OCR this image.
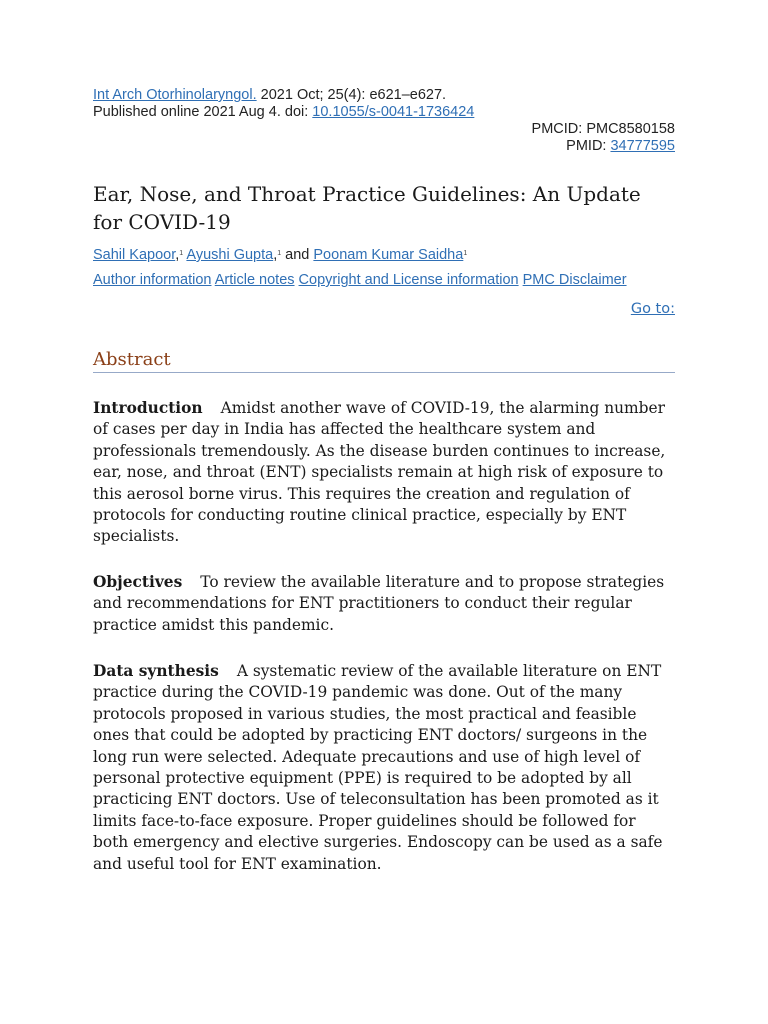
Int Arch Otorhinolaryngol. 2021 Oct; 25(4): e621–e627.
Published online 2021 Aug 4. doi: 10.1055/s-0041-1736424
PMCID: PMC8580158
PMID: 34777595
Ear, Nose, and Throat Practice Guidelines: An Update for COVID-19
Sahil Kapoor,$^1$ Ayushi Gupta,$^1$ and Poonam Kumar Saidha$^1$
Author information Article notes Copyright and License information PMC Disclaimer
Go to:
Abstract

Introduction Amidst another wave of COVID-19, the alarming number of cases per day in India has affected the healthcare system and professionals tremendously. As the disease burden continues to increase, ear, nose, and throat (ENT) specialists remain at high risk of exposure to this aerosol borne virus. This requires the creation and regulation of protocols for conducting routine clinical practice, especially by ENT specialists.

Objectives To review the available literature and to propose strategies and recommendations for ENT practitioners to conduct their regular practice amidst this pandemic.

Data synthesis A systematic review of the available literature on ENT practice during the COVID-19 pandemic was done. Out of the many protocols proposed in various studies, the most practical and feasible ones that could be adopted by practicing ENT doctors/ surgeons in the long run were selected. Adequate precautions and use of high level of personal protective equipment (PPE) is required to be adopted by all practicing ENT doctors. Use of teleconsultation has been promoted as it limits face-to-face exposure. Proper guidelines should be followed for both emergency and elective surgeries. Endoscopy can be used as a safe and useful tool for ENT examination.
